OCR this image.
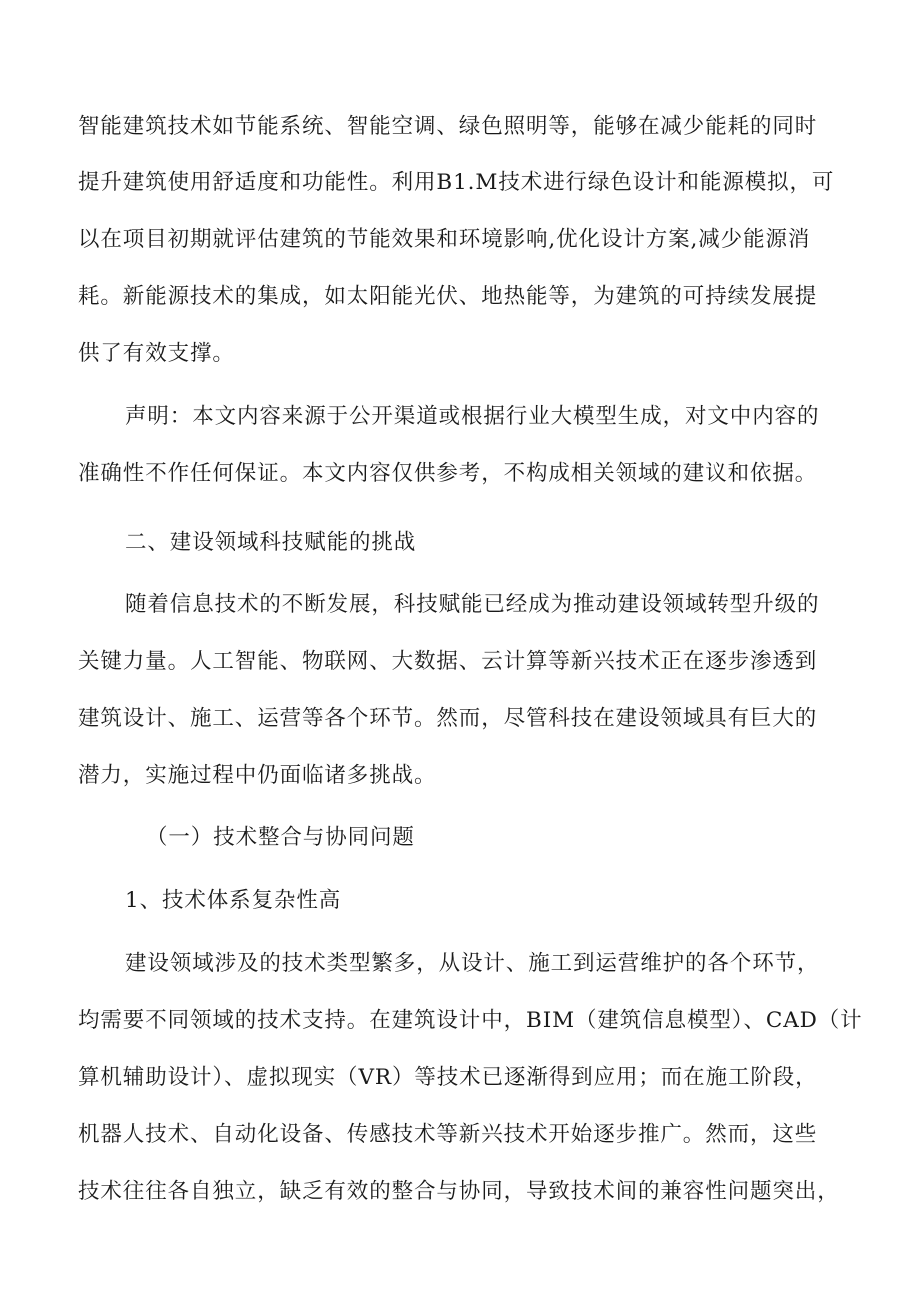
智能建筑技术如节能系统、智能空调、绿色照明等，能够在减少能耗的同时
提升建筑使用舒适度和功能性。利用B1.M技术进行绿色设计和能源模拟，可
以在项目初期就评估建筑的节能效果和环境影响,优化设计方案,减少能源消
耗。新能源技术的集成，如太阳能光伏、地热能等，为建筑的可持续发展提
供了有效支撑。
声明：本文内容来源于公开渠道或根据行业大模型生成，对文中内容的
准确性不作任何保证。本文内容仅供参考，不构成相关领域的建议和依据。
二、建设领域科技赋能的挑战
随着信息技术的不断发展，科技赋能已经成为推动建设领域转型升级的
关键力量。人工智能、物联网、大数据、云计算等新兴技术正在逐步渗透到
建筑设计、施工、运营等各个环节。然而，尽管科技在建设领域具有巨大的
潜力，实施过程中仍面临诸多挑战。
（一）技术整合与协同问题
1、技术体系复杂性高
建设领域涉及的技术类型繁多，从设计、施工到运营维护的各个环节，
均需要不同领域的技术支持。在建筑设计中，BIM（建筑信息模型）、CAD（计
算机辅助设计）、虚拟现实（VR）等技术已逐渐得到应用；而在施工阶段，
机器人技术、自动化设备、传感技术等新兴技术开始逐步推广。然而，这些
技术往往各自独立，缺乏有效的整合与协同，导致技术间的兼容性问题突出，
